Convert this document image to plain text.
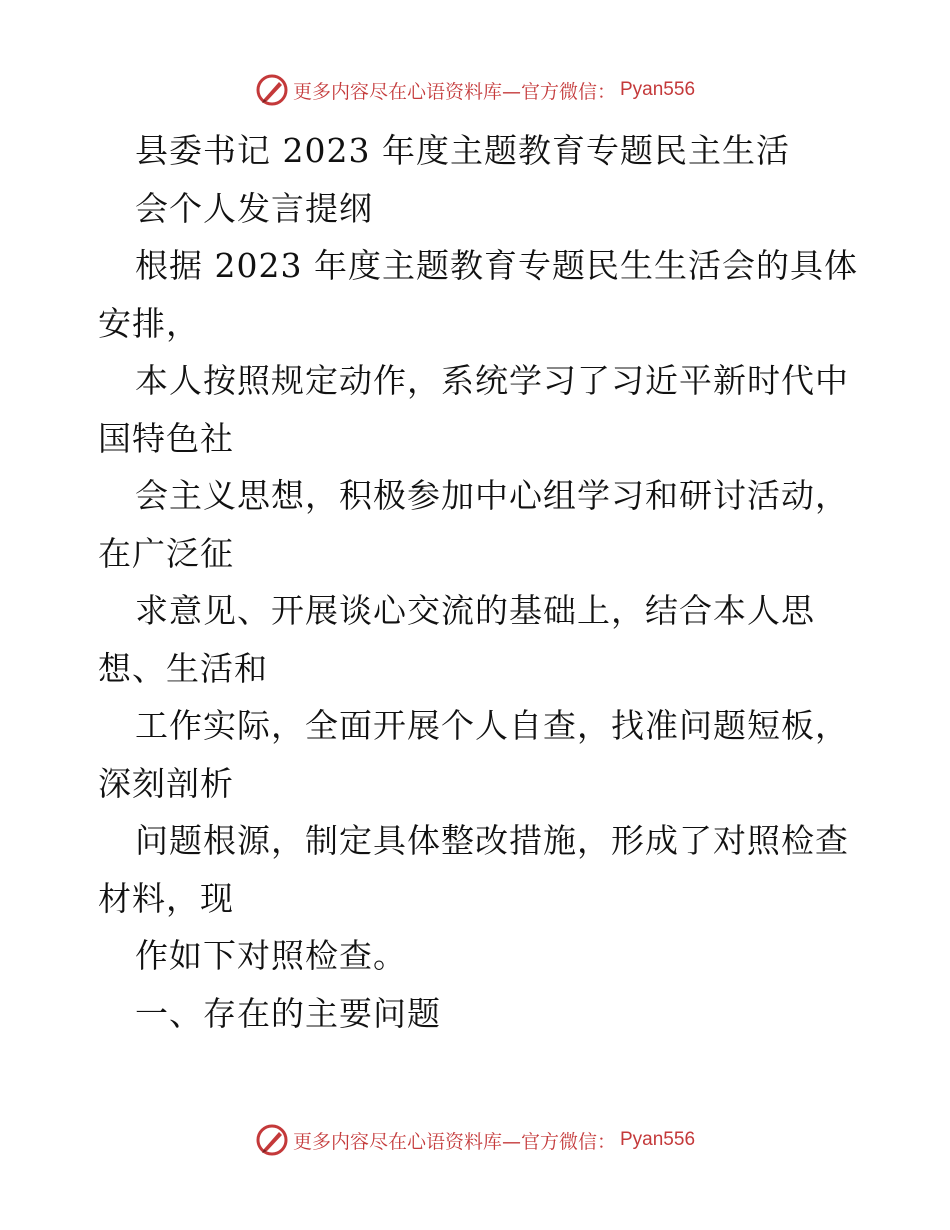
更多内容尽在心语资料库—官方微信： Pyan556
县委书记 2023 年度主题教育专题民主生活
会个人发言提纲
根据 2023 年度主题教育专题民生生活会的具体
安排，
本人按照规定动作，系统学习了习近平新时代中
国特色社
会主义思想，积极参加中心组学习和研讨活动，
在广泛征
求意见、开展谈心交流的基础上，结合本人思
想、生活和
工作实际，全面开展个人自查，找准问题短板，
深刻剖析
问题根源，制定具体整改措施，形成了对照检查
材料，现
作如下对照检查。
一、存在的主要问题
更多内容尽在心语资料库—官方微信： Pyan556
